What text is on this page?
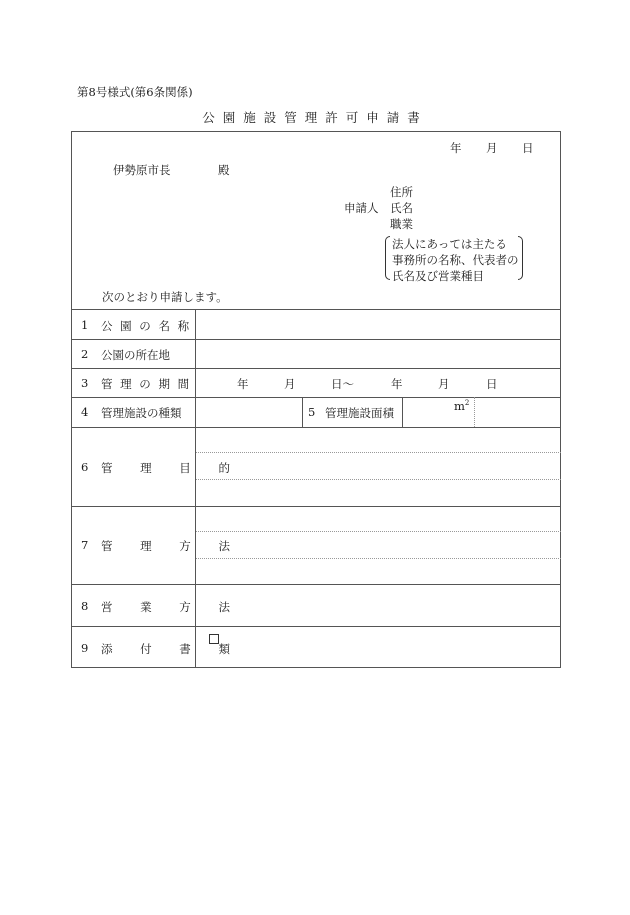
第8号様式(第6条関係)
公園施設管理許可申請書
年 月 日
伊勢原市長	殿
住所
申請人 氏名
職業
法人にあっては主たる
事務所の名称、代表者の
氏名及び営業種目
次のとおり申請します。
1 公 園 の 名 称
2 公園の所在地
3 管 理 の 期 間	年	月	日〜	年	月	日
4 管理施設の種類	5 管理施設面積	$m^2$
6 管 理 目 的
7 管 理 方 法
8 営 業 方 法
9 添 付 書 類
